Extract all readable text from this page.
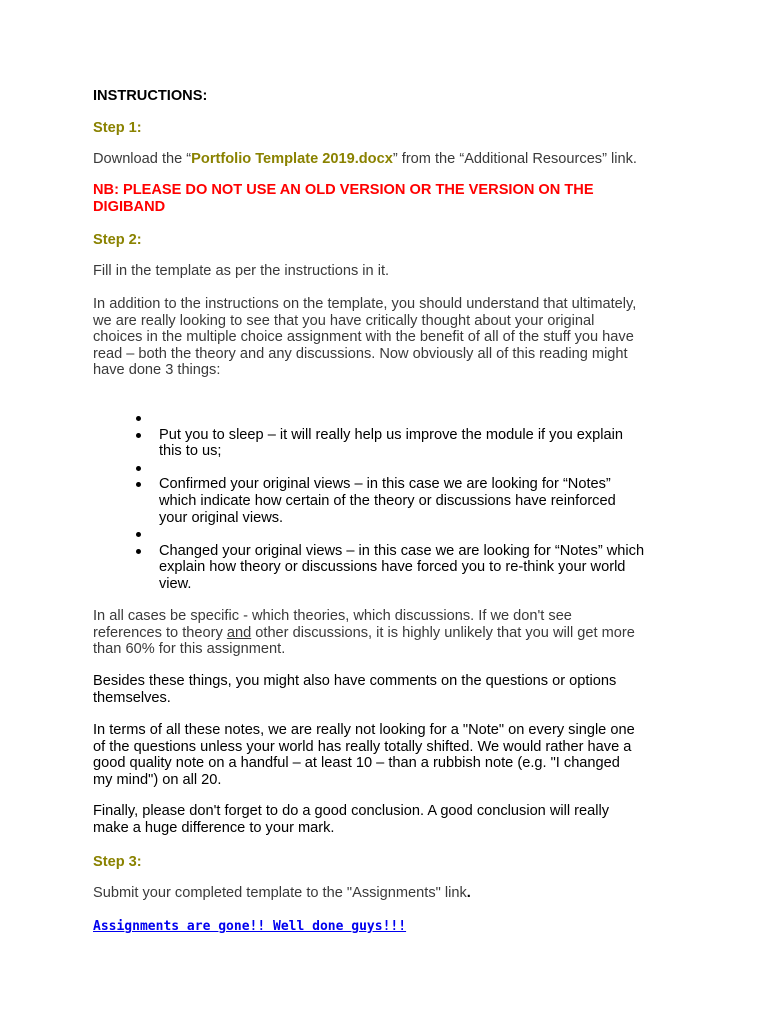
INSTRUCTIONS:

Step 1:

Download the “Portfolio Template 2019.docx” from the “Additional Resources” link.

NB: PLEASE DO NOT USE AN OLD VERSION OR THE VERSION ON THE
DIGIBAND

Step 2:

Fill in the template as per the instructions in it.

In addition to the instructions on the template, you should understand that ultimately,
we are really looking to see that you have critically thought about your original
choices in the multiple choice assignment with the benefit of all of the stuff you have
read – both the theory and any discussions. Now obviously all of this reading might
have done 3 things:
Put you to sleep – it will really help us improve the module if you explain
this to us;
Confirmed your original views – in this case we are looking for “Notes”
which indicate how certain of the theory or discussions have reinforced
your original views.
Changed your original views – in this case we are looking for “Notes” which
explain how theory or discussions have forced you to re-think your world
view.
In all cases be specific - which theories, which discussions. If we don't see
references to theory and other discussions, it is highly unlikely that you will get more
than 60% for this assignment.
Besides these things, you might also have comments on the questions or options
themselves.
In terms of all these notes, we are really not looking for a "Note" on every single one
of the questions unless your world has really totally shifted. We would rather have a
good quality note on a handful – at least 10 – than a rubbish note (e.g. "I changed
my mind") on all 20.
Finally, please don't forget to do a good conclusion. A good conclusion will really
make a huge difference to your mark.

Step 3:

Submit your completed template to the "Assignments" link.

Assignments are gone!! Well done guys!!!
